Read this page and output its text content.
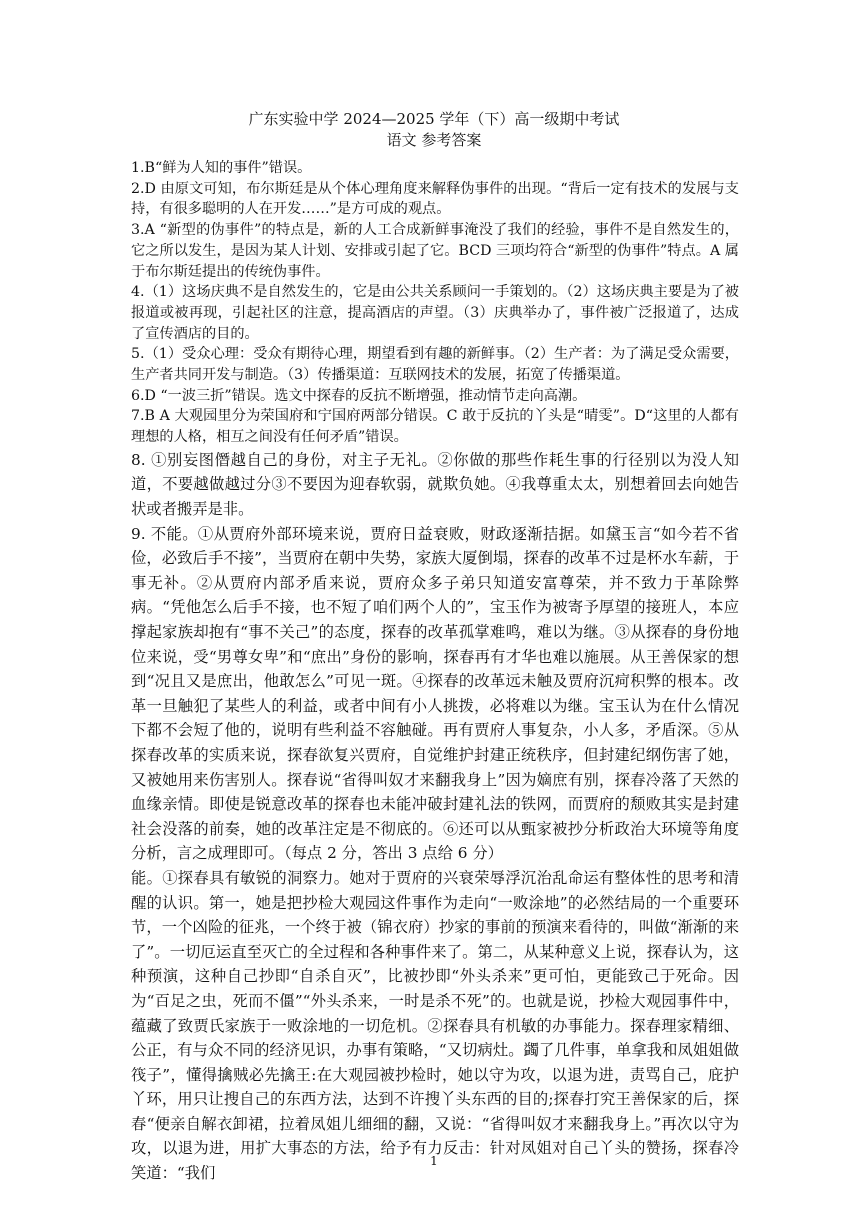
广东实验中学 2024—2025 学年（下）高一级期中考试
语文 参考答案

1.B“鲜为人知的事件”错误。

2.D 由原文可知，布尔斯廷是从个体心理角度来解释伪事件的出现。“背后一定有技术的发展与支持，有很多聪明的人在开发……”是方可成的观点。

3.A “新型的伪事件”的特点是，新的人工合成新鲜事淹没了我们的经验，事件不是自然发生的，它之所以发生，是因为某人计划、安排或引起了它。BCD 三项均符合“新型的伪事件”特点。A 属于布尔斯廷提出的传统伪事件。

4.（1）这场庆典不是自然发生的，它是由公共关系顾问一手策划的。（2）这场庆典主要是为了被报道或被再现，引起社区的注意，提高酒店的声望。（3）庆典举办了，事件被广泛报道了，达成了宣传酒店的目的。

5.（1）受众心理：受众有期待心理，期望看到有趣的新鲜事。（2）生产者：为了满足受众需要，生产者共同开发与制造。（3）传播渠道：互联网技术的发展，拓宽了传播渠道。

6.D “一波三折”错误。选文中探春的反抗不断增强，推动情节走向高潮。

7.B A 大观园里分为荣国府和宁国府两部分错误。C 敢于反抗的丫头是“晴雯”。D“这里的人都有理想的人格，相互之间没有任何矛盾”错误。

8. ①别妄图僭越自己的身份，对主子无礼。②你做的那些作耗生事的行径别以为没人知道，不要越做越过分③不要因为迎春软弱，就欺负她。④我尊重太太，别想着回去向她告状或者搬弄是非。

9. 不能。①从贾府外部环境来说，贾府日益衰败，财政逐渐拮据。如黛玉言“如今若不省俭，必致后手不接”，当贾府在朝中失势，家族大厦倒塌，探春的改革不过是杯水车薪，于事无补。②从贾府内部矛盾来说，贾府众多子弟只知道安富尊荣，并不致力于革除弊病。“凭他怎么后手不接，也不短了咱们两个人的”，宝玉作为被寄予厚望的接班人，本应撑起家族却抱有“事不关己”的态度，探春的改革孤掌难鸣，难以为继。③从探春的身份地位来说，受“男尊女卑”和“庶出”身份的影响，探春再有才华也难以施展。从王善保家的想到“况且又是庶出，他敢怎么”可见一斑。④探春的改革远未触及贾府沉疴积弊的根本。改革一旦触犯了某些人的利益，或者中间有小人挑拨，必将难以为继。宝玉认为在什么情况下都不会短了他的，说明有些利益不容触碰。再有贾府人事复杂，小人多，矛盾深。⑤从探春改革的实质来说，探春欲复兴贾府，自觉维护封建正统秩序，但封建纪纲伤害了她，又被她用来伤害别人。探春说“省得叫奴才来翻我身上”因为嫡庶有别，探春冷落了天然的血缘亲情。即使是锐意改革的探春也未能冲破封建礼法的铁网，而贾府的颓败其实是封建社会没落的前奏，她的改革注定是不彻底的。⑥还可以从甄家被抄分析政治大环境等角度分析，言之成理即可。（每点 2 分，答出 3 点给 6 分）

能。①探春具有敏锐的洞察力。她对于贾府的兴衰荣辱浮沉治乱命运有整体性的思考和清醒的认识。第一，她是把抄检大观园这件事作为走向“一败涂地”的必然结局的一个重要环节，一个凶险的征兆，一个终于被（锦衣府）抄家的事前的预演来看待的，叫做“渐渐的来了”。一切厄运直至灭亡的全过程和各种事件来了。第二，从某种意义上说，探春认为，这种预演，这种自己抄即“自杀自灭”，比被抄即“外头杀来”更可怕，更能致己于死命。因为“百足之虫，死而不僵”“外头杀来，一时是杀不死”的。也就是说，抄检大观园事件中，蕴藏了致贾氏家族于一败涂地的一切危机。②探春具有机敏的办事能力。探春理家精细、公正，有与众不同的经济见识，办事有策略，“又切病灶。蠲了几件事，单拿我和凤姐姐做筏子”，懂得擒贼必先擒王:在大观园被抄检时，她以守为攻，以退为进，责骂自己，庇护丫环，用只让搜自己的东西方法，达到不许搜丫头东西的目的;探春打究王善保家的后，探春“便亲自解衣卸裙，拉着凤姐儿细细的翻，又说：“省得叫奴才来翻我身上。”再次以守为攻，以退为进，用扩大事态的方法，给予有力反击：针对凤姐对自己丫头的赞扬，探春冷笑道：“我们

1
